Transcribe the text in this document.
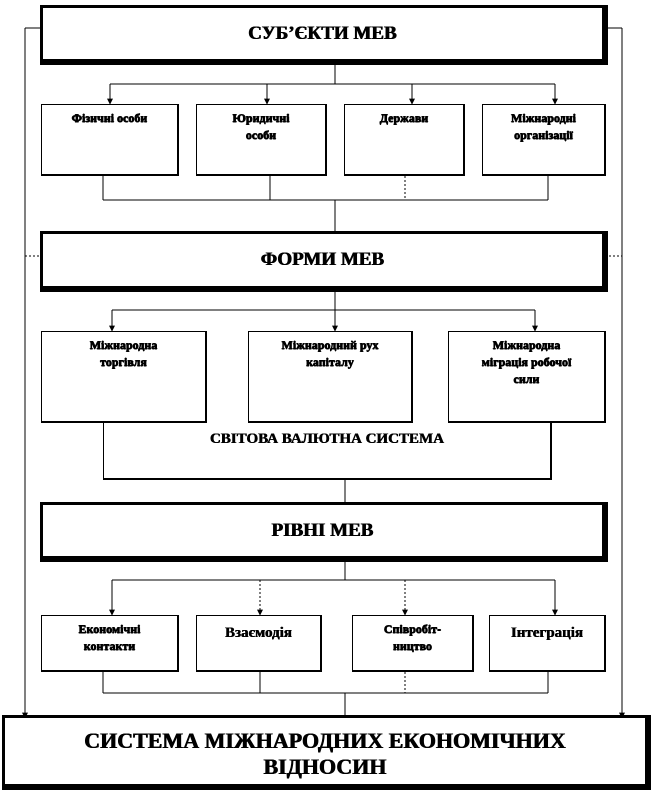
СУБ’ЄКТИ МЕВ
Фізичні особи	Юридичні
особи
Держави	Міжнародні
організації
ФОРМИ МЕВ
Міжнародна
торгівля
Міжнародний рух
капіталу
Міжнародна
міграція робочої
сили
СВІТОВА ВАЛЮТНА СИСТЕМА
РІВНІ МЕВ
Економічні
контакти
Взаємодія	Співробіт-
ництво
Інтеграція
СИСТЕМА МІЖНАРОДНИХ ЕКОНОМІЧНИХ
ВІДНОСИН
